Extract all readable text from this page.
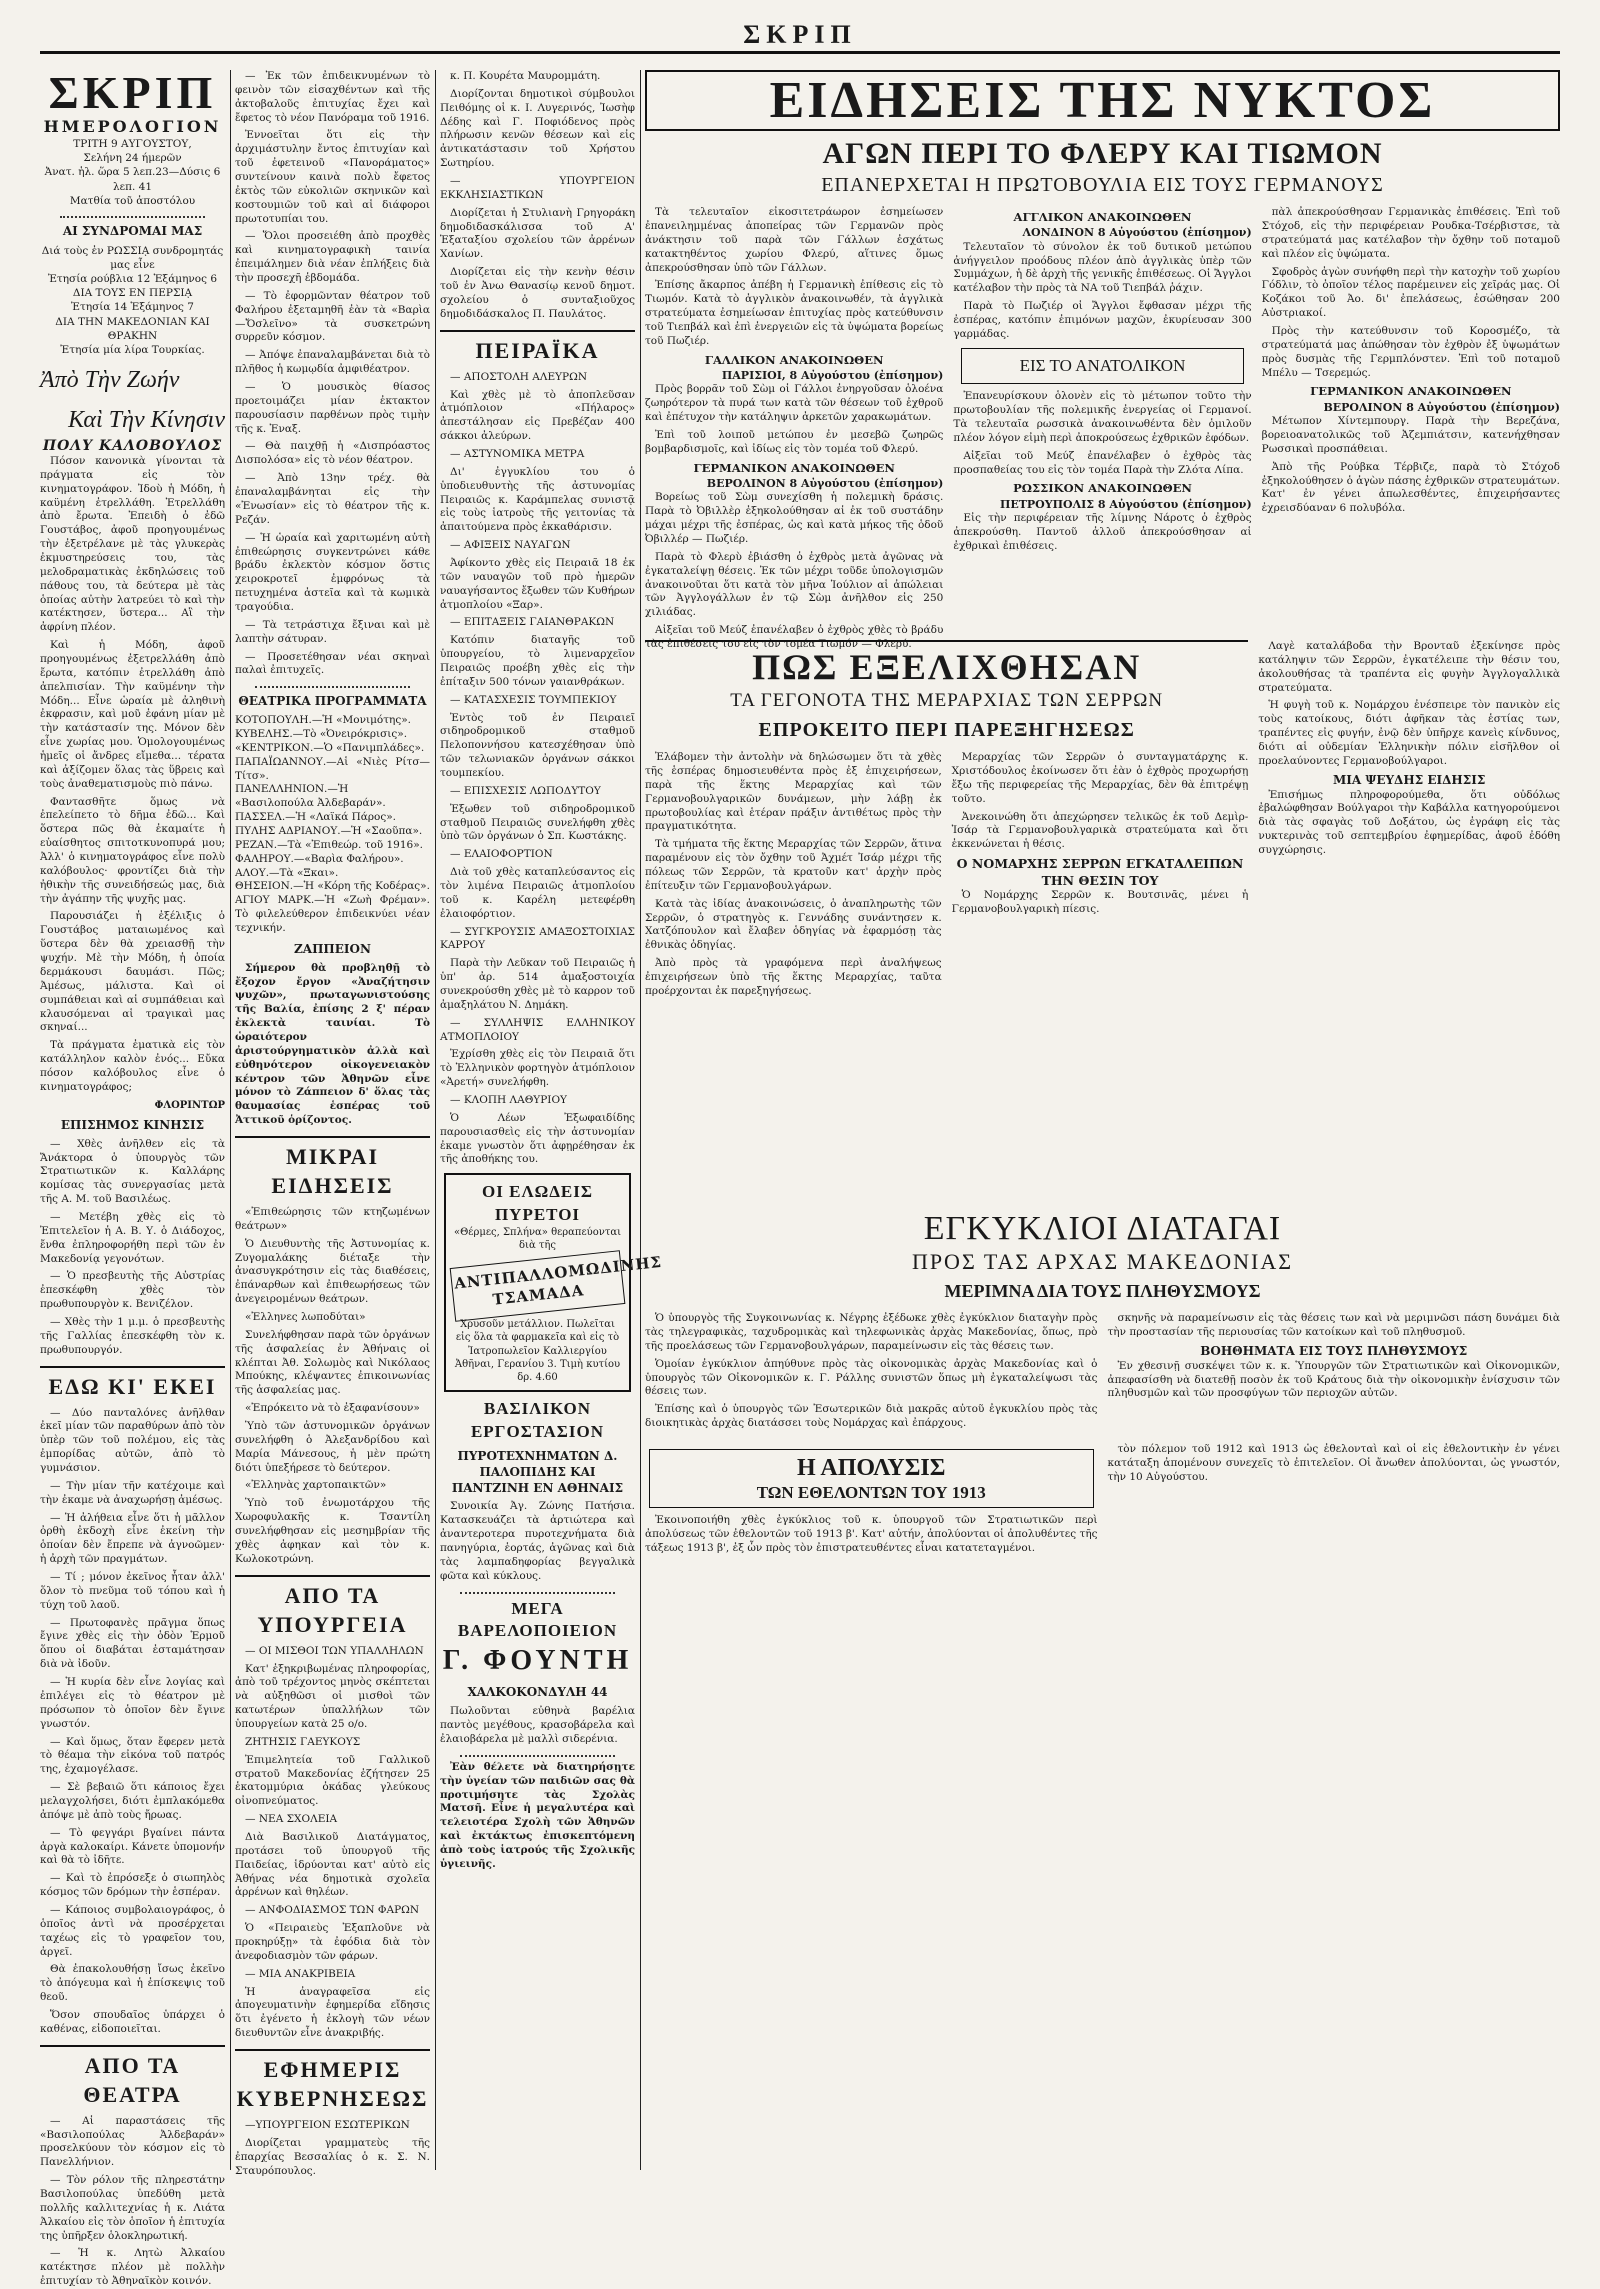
ΣΚΡΙΠ
ΣΚΡΙΠ
ΗΜΕΡΟΛΟΓΙΟΝ
ΤΡΙΤΗ 9 ΑΥΓΟΥΣΤΟΥ,
Σελήνη 24 ήμερῶν
Ἀνατ. ἡλ. ὥρα 5 λεπ.23—Δύσις 6 λεπ. 41
Ματθία τοῦ ἀποστόλου
ΑΙ ΣΥΝΔΡΟΜΑΙ ΜΑΣ
Διά τοὺς ἐν ΡΩΣΣΙᾼ συνδρομητάς μας εἶνε
Ἐτησία ρούβλια 12 Ἑξάμηνος 6
ΔΙΑ ΤΟΥΣ ΕΝ ΠΕΡΣΙᾼ
Ἐτησία 14 Ἑξάμηνος 7
ΔΙΑ ΤΗΝ ΜΑΚΕΔΟΝΙΑΝ ΚΑΙ ΘΡΑΚΗΝ
Ἐτησία μία λίρα Τουρκίας.
Ἀπὸ Τὴν Ζωήν
Καὶ Τὴν Κίνησιν
ΠΟΛΥ ΚΑΛΟΒΟΥΛΟΣ

Πόσον κανονικὰ γίνονται τὰ πράγματα εἰς τὸν κινηματογράφον. Ἰδοὺ ἡ Μόδη, ἡ καϋμένη ἐτρελλάθη. Ἐτρελλάθη ἀπὸ ἔρωτα. Ἐπειδὴ ὁ ἐδῶ Γουστάβος, ἀφοῦ προηγουμένως τὴν ἐξετρέλανε μὲ τὰς γλυκερὰς ἐκμυστηρεύσεις του, τὰς μελοδραματικὰς ἐκδηλώσεις τοῦ πάθους του, τὰ δεύτερα μὲ τὰς ὁποίας αὐτὴν λατρεύει τὸ καὶ τὴν κατέκτησεν, ὕστερα... Αἲ τὴν ἀφρίνη πλέον.

Καὶ ἡ Μόδη, ἀφοῦ προηγουμένως ἐξετρελλάθη ἀπὸ ἔρωτα, κατόπιν ἐτρελλάθη ἀπὸ ἀπελπισίαν. Τὴν καϋμένην τὴν Μόδη... Εἶνε ὡραία μὲ ἀληθινὴ ἐκφρασιν, καὶ μοῦ ἐφάνη μίαν μὲ τὴν κατάστασίν της. Μόνον δὲν εἶνε χωρίας μου. Ὁμολογουμένως ἡμεῖς οἱ ἄνδρες εἴμεθα... τέρατα καὶ ἀξίζομεν ὅλας τὰς ὕβρεις καὶ τοὺς ἀναθεματισμοὺς πιὸ πάνω.

Φαντασθῆτε ὅμως νὰ ἐπελείπετο τὸ δῆμα ἐδῶ... Καὶ ὅστερα πῶς θὰ ἐκαμαίτε ἡ εὐαίσθητος σπιτοτκυνοπυρά μου; Ἀλλ' ὁ κινηματογράφος εἶνε πολὺ καλόβουλος· φροντίζει διὰ τὴν ἠθικὴν τῆς συνειδήσεώς μας, διὰ τὴν ἀγάπην τῆς ψυχῆς μας.

Παρουσιάζει ἡ ἐξέλιξις ὁ Γουστάβος ματαιωμένος καὶ ὕστερα δὲν θὰ χρειασθῇ τὴν ψυχήν. Μὲ τὴν Μόδη, ἡ ὁποία δερμάκουσι δαυμάσι. Πῶς; Ἀμέσως, μάλιστα. Καὶ οἱ συμπάθειαι καὶ αἱ συμπάθειαι καὶ κλαυσόμεναι αἱ τραγικαὶ μας σκηναί...

Τὰ πράγματα ἐματικὰ εἰς τὸν κατάλληλον καλὸν ἐνός... Εὔκα πόσον καλόβουλος εἶνε ὁ κινηματογράφος;

ΦΛΟΡΙΝΤΩΡ
ΕΠΙΣΗΜΟΣ ΚΙΝΗΣΙΣ

— Χθὲς ἀνῆλθεν εἰς τὰ Ἄνάκτορα ὁ ὑπουργὸς τῶν Στρατιωτικῶν κ. Καλλάρης κομίσας τὰς συνεργασίας μετὰ τῆς Α. Μ. τοῦ Βασιλέως.

— Μετέβη χθὲς εἰς τὸ Ἐπιτελεῖον ἡ Α. Β. Υ. ὁ Διάδοχος, ἔνθα ἐπληροφορήθη περὶ τῶν ἐν Μακεδονίᾳ γεγονότων.

— Ὁ πρεσβευτὴς τῆς Αὐστρίας ἐπεσκέφθη χθὲς τὸν πρωθυπουργὸν κ. Βενιζέλον.

— Χθὲς τὴν 1 μ.μ. ὁ πρεσβευτὴς τῆς Γαλλίας ἐπεσκέφθη τὸν κ. πρωθυπουργόν.

ΕΔΩ ΚΙ' ΕΚΕΙ

— Δύο πανταλόνες ἀνῆλθαν ἐκεῖ μίαν τῶν παραθύρων ἀπὸ τὸν ὑπὲρ τῶν τοῦ πολέμου, εἰς τὰς ἐμπορίδας αὐτῶν, ἀπὸ τὸ γυμνάσιον.

— Τὴν μίαν τῆν κατέχοιμε καὶ τὴν ἐκαμε νὰ ἀναχωρήσῃ ἀμέσως.

— Ἡ ἀλήθεια εἶνε ὅτι ἡ μᾶλλον ὀρθὴ ἐκδοχὴ εἶνε ἐκείνη τὴν ὁποίαν δὲν ἔπρεπε νὰ ἀγνοῶμεν· ἡ ἀρχὴ τῶν πραγμάτων.

— Τί ; μόνον ἐκεῖνος ἦταν ἀλλ' ὅλον τὸ πνεῦμα τοῦ τόπου καὶ ἡ τύχη τοῦ λαοῦ.

— Πρωτοφανὲς πρᾶγμα ὅπως ἔγινε χθὲς εἰς τὴν ὁδὸν Ἑρμοῦ ὅπου οἱ διαβάται ἐσταμάτησαν διὰ νὰ ἰδοῦν.

— Ἡ κυρία δὲν εἶνε λογίας καὶ ἐπιλέγει εἰς τὸ θέατρον μὲ πρόσωπον τὸ ὁποῖον δὲν ἔγινε γνωστόν.

— Καὶ ὅμως, ὅταν ἔφερεν μετὰ τὸ θέαμα τὴν εἰκόνα τοῦ πατρός της, ἐχαμογέλασε.

— Σὲ βεβαιῶ ὅτι κάποιος ἔχει μελαγχολήσει, διότι ἐμπλακόμεθα ἀπόψε μὲ ἀπὸ τοὺς ἤρωας.

— Τὸ φεγγάρι βγαίνει πάντα ἀργὰ καλοκαίρι. Κάνετε ὑπομονήν καὶ θὰ τὸ ἰδῆτε.

— Καὶ τὸ ἐπρόσεξε ὁ σιωπηλὸς κόσμος τῶν δρόμων τὴν ἑσπέραν.

— Κάποιος συμβολαιογράφος, ὁ ὁποῖος ἀντὶ νὰ προσέρχεται ταχέως εἰς τὸ γραφεῖον του, ἀργεῖ.

Θὰ ἐπακολουθήσῃ ἴσως ἐκεῖνο τὸ ἀπόγευμα καὶ ἡ ἐπίσκεψις τοῦ θεοῦ.

Ὅσον σπουδαῖος ὑπάρχει ὁ καθένας, εἰδοποιεῖται.

ΑΠΟ ΤΑ ΘΕΑΤΡΑ

— Αἱ παραστάσεις τῆς «Βασιλοπούλας Ἀλδεβαράν» προσελκύουν τὸν κόσμον εἰς τὸ Πανελλήνιον.

— Τὸν ρόλον τῆς πληρεστάτην Βασιλοπούλας ὑπεδύθη μετὰ πολλῆς καλλιτεχνίας ἡ κ. Λιάτα Ἀλκαίου εἰς τὸν ὁποῖον ἡ ἐπιτυχία της ὑπῆρξεν ὁλοκληρωτική.

— Ἡ κ. Λητὼ Ἀλκαίου κατέκτησε πλέον μὲ πολλὴν ἐπιτυχίαν τὸ Ἀθηναϊκὸν κοινόν.

— Ἐκ τῶν ἐπιδεικνυμένων τὸ φεινὸν τῶν εἰσαχθέντων καὶ τῆς ἀκτοβαλοῦς ἐπιτυχίας ἔχει καὶ ἔφετος τὸ νέον Πανόραμα τοῦ 1916.

Ἐννοεῖται ὅτι εἰς τὴν ἀρχιμάστυλην ἔντος ἐπιτυχίαν καὶ τοῦ ἐφετεινοῦ «Πανοράματος» συντείνουν καινὰ πολὺ ἔφετος ἐκτὸς τῶν εὐκολιῶν σκηνικῶν καὶ κοστουμιῶν τοῦ καὶ αἱ διάφοροι πρωτοτυπίαι του.

— Ὅλοι προσειέθη ἀπὸ προχθὲς καὶ κινηματογραφικὴ ταινία ἐπειμάλημεν διὰ νέαν ἐπλήξεις διὰ τὴν προσεχῆ ἑβδομάδα.

— Τὸ ἐφορμῶνταν θέατρον τοῦ Φαλήρου ἐξεταμηθῆ ἐὰν τὰ «Βαρὶα—Ὄσλεῖνο» τὰ συσκετρώνη συρρεῦν κόσμον.

— Ἀπόψε ἐπαναλαμβάνεται διὰ τὸ πλῆθος ἡ κωμῳδία ἀμφιθέατρον.

— Ὁ μουσικὸς θίασος προετοιμάζει μίαν ἐκτακτον παρουσίασιν παρθένων πρὸς τιμὴν τῆς κ. Ἐναξ.

— Θὰ παιχθῇ ἡ «Δισπρόαστος Δισπολόσα» εἰς τὸ νέον θέατρον.

— Ἀπὸ 13ην τρέχ. θὰ ἐπαναλαμβάνηται εἰς τὴν «Ἐνωσίαν» εἰς τὸ θέατρον τῆς κ. Ρεζάν.

— Ἡ ὡραία καὶ χαριτωμένη αὐτὴ ἐπιθεώρησις συγκεντρώνει κάθε βράδυ ἐκλεκτὸν κόσμον ὅστις χειροκροτεῖ ἐμφρόνως τὰ πετυχημένα ἀστεῖα καὶ τὰ κωμικὰ τραγούδια.

— Τὰ τετράστιχα ἔξιναι καὶ μὲ λαπτὴν σάτυραν.

— Προσετέθησαν νέαι σκηναὶ παλαὶ ἐπιτυχεῖς.

ΘΕΑΤΡΙΚΑ ΠΡΟΓΡΑΜΜΑΤΑ
ΚΟΤΟΠΟΥΛΗ.—Ἡ «Μονιμότης».
ΚΥΒΕΛΗΣ.—Τὸ «Ὀνειρόκρισις».
«ΚΕΝΤΡΙΚΟΝ.—Ὁ «Πανιμπλάδες».
ΠΑΠΑΪΩΑΝΝΟΥ.—Αἱ «Νιὲς Ρίτσ—Τίτσ».
ΠΑΝΕΛΛΗΝΙΟΝ.—Ἡ «Βασιλοπούλα Ἀλδεβαράν».
ΠΑΣΣΕΛ.—Ἡ «Λαϊκά Πάρος».
ΠΥΛΗΣ ΑΔΡΙΑΝΟΥ.—Ἡ «Σαοῦπα».
ΡΕΖΑΝ.—Τὰ «Ἐπιθεώρ. τοῦ 1916».
ΦΑΛΗΡΟΥ.—«Βαρὶα Φαλήρου».
ΑΛΟΥ.—Τὰ «Ξκαι».
ΘΗΣΕΙΟΝ.—Ἡ «Κόρη τῆς Κοδέρας».
ΑΓΙΟΥ ΜΑΡΚ.—Ἡ «Ζωὴ Φρέμαν». Τὸ φιλελεύθερον ἐπιδεικνύει νέαν τεχνικήν.
ΖΑΠΠΕΙΟΝ

Σήμερον θὰ προβληθῇ τὸ ἔξοχον ἔργον «Ἀναζήτησιν ψυχῶν», πρωταγωνιστούσης τῆς Βαλία, ἐπίσης 2 ξ' πέραν ἐκλεκτὰ ταινίαι. Τὸ ὡραιότερον ἀριστούργηματικὸν ἀλλὰ καὶ εὐθηνότερον οἰκογενειακὸν κέντρον τῶν Ἀθηνῶν εἶνε μόνον τὸ Ζάππειον δ' ὅλας τὰς θαυμασίας ἑσπέρας τοῦ Ἀττικοῦ ὁρίζοντος.

ΜΙΚΡΑΙ ΕΙΔΗΣΕΙΣ

«Ἐπιθεώρησις τῶν κτηζωμένων θεάτρων»

Ὁ Διευθυντὴς τῆς Ἀστυνομίας κ. Ζυγομαλάκης διέταξε τὴν ἀνασυγκρότησιν εἰς τὰς διαθέσεις, ἐπάναρθων καὶ ἐπιθεωρήσεως τῶν ἀνεγειρομένων θεάτρων.

«Ἐλληνες λωποδύται»

Συνελήφθησαν παρὰ τῶν ὀργάνων τῆς ἀσφαλείας ἐν Ἀθήναις οἱ κλέπται Ἀθ. Σολωμὸς καὶ Νικόλαος Μπούκης, κλέψαντες ἐπικοινωνίας τῆς ἀσφαλείας μας.

«Ἐπρόκειτο νὰ τὸ ἐξαφανίσουν»

Ὑπὸ τῶν ἀστυνομικῶν ὀργάνων συνελήφθη ὁ Ἀλεξανδρίδου καὶ Μαρία Μάνεσους, ἡ μὲν πρώτη διότι ὑπεξήρεσε τὸ δεύτερον.

«Ἐλληνὰς χαρτοπαικτῶν»

Ὑπὸ τοῦ ἐνωμοτάρχου τῆς Χωροφυλακῆς κ. Τσαντίλη συνελήφθησαν εἰς μεσημβρίαν τῆς χθὲς ἀφηκαν καὶ τὸν κ. Κωλοκοτρώνη.

ΑΠΟ ΤΑ ΥΠΟΥΡΓΕΙΑ

— ΟΙ ΜΙΣΘΟΙ ΤΩΝ ΥΠΑΛΛΗΛΩΝ

Κατ' ἐξηκριβωμένας πληροφορίας, ἀπὸ τοῦ τρέχοντος μηνὸς σκέπτεται νὰ αὐξηθῶσι οἱ μισθοὶ τῶν κατωτέρων ὑπαλλήλων τῶν ὑπουργείων κατὰ 25 ο/ο.

ΖΗΤΗΣΙΣ ΓΑΕΥΚΟΥΣ

Ἐπιμελητεία τοῦ Γαλλικοῦ στρατοῦ Μακεδονίας ἐζήτησεν 25 ἑκατομμύρια ὀκάδας γλεύκους οἰνοπνεύματος.

— ΝΕΑ ΣΧΟΛΕΙΑ

Διὰ Βασιλικοῦ Διατάγματος, προτάσει τοῦ ὑπουργοῦ τῆς Παιδείας, ἱδρύονται κατ' αὐτὸ εἰς Ἀθήνας νέα δημοτικὰ σχολεῖα ἀρρένων καὶ θηλέων.

— ΑΝΦΟΔΙΑΣΜΟΣ ΤΩΝ ΦΑΡΩΝ

Ὁ «Πειραιεὺς Ἐξαπλοῦνε νὰ προκηρύξῃ» τὰ ἐφόδια διὰ τὸν ἀνεφοδιασμὸν τῶν φάρων.

— ΜΙΑ ΑΝΑΚΡΙΒΕΙΑ

Ἡ ἀναγραφεῖσα εἰς ἀπογευματινὴν ἐφημερίδα εἴδησις ὅτι ἐγένετο ἡ ἐκλογὴ τῶν νέων διευθυντῶν εἶνε ἀνακριβής.

ΕΦΗΜΕΡΙΣ ΚΥΒΕΡΝΗΣΕΩΣ

—ΥΠΟΥΡΓΕΙΟΝ ΕΣΩΤΕΡΙΚΩΝ

Διορίζεται γραμματεὺς τῆς ἐπαρχίας Βεσσαλίας ὁ κ. Σ. Ν. Σταυρόπουλος.

κ. Π. Κουρέτα Μαυρομμάτη.

Διορίζονται δημοτικοὶ σύμβουλοι Πειθόμης οἱ κ. Ι. Λυγερινός, Ἰωσὴφ Δέδης καὶ Γ. Ποφιόδενος πρὸς πλήρωσιν κενῶν θέσεων καὶ εἰς ἀντικατάστασιν τοῦ Χρήστου Σωτηρίου.

— ΥΠΟΥΡΓΕΙΟΝ ΕΚΚΛΗΣΙΑΣΤΙΚΩΝ

Διορίζεται ἡ Στυλιανὴ Γρηγοράκη δημοδιδασκάλισσα τοῦ Α' Ἑξαταξίου σχολείου τῶν ἀρρένων Χανίων.

Διορίζεται εἰς τὴν κενὴν θέσιν τοῦ ἐν Ἀνω Θανασίῳ κενοῦ δημοτ. σχολείου ὁ συνταξιοῦχος δημοδιδάσκαλος Π. Παυλάτος.

ΠΕΙΡΑΪΚΑ

— ΑΠΟΣΤΟΛΗ ΑΛΕΥΡΩΝ

Καὶ χθὲς μὲ τὸ ἀποπλεῦσαν ἀτμόπλοιον «Πήλαρος» ἀπεστάλησαν εἰς Πρεβέζαν 400 σάκκοι ἀλεύρων.

— ΑΣΤΥΝΟΜΙΚΑ ΜΕΤΡΑ

Δι' ἐγγυκλίου του ὁ ὑποδιευθυντὴς τῆς ἀστυνομίας Πειραιῶς κ. Καράμπελας συνιστᾷ εἰς τοὺς ἱατροὺς τῆς γειτονίας τὰ ἀπαιτούμενα πρὸς ἐκκαθάρισιν.

— ΑΦΙΞΕΙΣ ΝΑΥΑΓΩΝ

Ἀφίκοντο χθὲς εἰς Πειραιᾶ 18 ἐκ τῶν ναυαγῶν τοῦ πρὸ ἡμερῶν ναυαγήσαντος ἔξωθεν τῶν Κυθήρων ἀτμοπλοίου «Ξαρ».

— ΕΠΙΤΑΞΕΙΣ ΓΑΙΑΝΘΡΑΚΩΝ

Κατόπιν διαταγῆς τοῦ ὑπουργείου, τὸ λιμεναρχεῖον Πειραιῶς προέβη χθὲς εἰς τὴν ἐπίταξιν 500 τόνων γαιανθράκων.

— ΚΑΤΑΣΧΕΣΙΣ ΤΟΥΜΠΕΚΙΟΥ

Ἐντὸς τοῦ ἐν Πειραιεῖ σιδηροδρομικοῦ σταθμοῦ Πελοποννήσου κατεσχέθησαν ὑπὸ τῶν τελωνιακῶν ὀργάνων σάκκοι τουμπεκίου.

— ΕΠΙΣΧΕΣΙΣ ΛΩΠΟΔΥΤΟΥ

Ἐξωθεν τοῦ σιδηροδρομικοῦ σταθμοῦ Πειραιῶς συνελήφθη χθὲς ὑπὸ τῶν ὀργάνων ὁ Σπ. Κωστάκης.

— ΕΛΑΙΟΦΟΡΤΙΟΝ

Διὰ τοῦ χθὲς καταπλεύσαντος εἰς τὸν λιμένα Πειραιῶς ἀτμοπλοίου τοῦ κ. Καρέλη μετεφέρθη ἐλαιοφόρτιον.

— ΣΥΓΚΡΟΥΣΙΣ ΑΜΑΞΟΣΤΟΙΧΙΑΣ ΚΑΡΡΟΥ

Παρὰ τὴν Λεῦκαν τοῦ Πειραιῶς ἡ ὑπ' ἀρ. 514 ἁμαξοστοιχία συνεκρούσθη χθὲς μὲ τὸ καρρον τοῦ ἀμαξηλάτου Ν. Δημάκη.

— ΣΥΛΛΗΨΙΣ ΕΛΛΗΝΙΚΟΥ ΑΤΜΟΠΛΟΙΟΥ

Ἐχρίσθη χθὲς εἰς τὸν Πειραιᾶ ὅτι τὸ Ἑλληνικὸν φορτηγὸν ἀτμόπλοιον «Ἀρετή» συνελήφθη.

— ΚΛΟΠΗ ΛΑΘΥΡΙΟΥ

Ὁ Λέων Ἐξωφαιδίδης παρουσιασθεὶς εἰς τὴν ἀστυνομίαν ἐκαμε γνωστὸν ὅτι ἀφῃρέθησαν ἐκ τῆς ἀποθήκης του.

ΟΙ ΕΛΩΔΕΙΣ ΠΥΡΕΤΟΙ
«Θέρμες, Σπλήνα» θεραπεύονται διὰ τῆς
ΑΝΤΙΠΑΛΛΟΜΩΔΙΝΗΣ ΤΣΑΜΑΔΑ
Χρυσοῦν μετάλλιον. Πωλεῖται εἰς ὅλα τὰ φαρμακεῖα καὶ εἰς τὸ Ἰατροπωλεῖον Καλλιεργίου Ἀθῆναι, Γερανίου 3. Τιμὴ κυτίου δρ. 4.60
ΒΑΣΙΛΙΚΟΝ ΕΡΓΟΣΤΑΣΙΟΝ
ΠΥΡΟΤΕΧΝΗΜΑΤΩΝ Δ. ΠΑΛΟΠΙΔΗΣ ΚΑΙ ΠΑΝΤΖΙΝΗ ΕΝ ΑΘΗΝΑΙΣ

Συνοικία Ἀγ. Ζώνης Πατήσια. Κατασκευάζει τὰ ἀρτιώτερα καὶ ἀναντεροτερα πυροτεχνήματα διὰ πανηγύρια, ἑορτάς, ἀγῶνας καὶ διὰ τὰς λαμπαδηφορίας βεγγαλικὰ φῶτα καὶ κύκλους.

ΜΕΓΑ ΒΑΡΕΛΟΠΟΙΕΙΟΝ
Γ. ΦΟΥΝΤΗ
ΧΑΛΚΟΚΟΝΔΥΛΗ 44

Πωλοῦνται εὐθηνὰ βαρέλια παντὸς μεγέθους, κρασοβάρελα καὶ ἐλαιοβάρελα μὲ μαλλὶ σιδερένια.

Ἐὰν θέλετε νὰ διατηρήσῃτε τὴν ὑγείαν τῶν παιδιῶν σας θὰ προτιμήσητε τὰς Σχολὰς Ματσῆ. Εἶνε ἡ μεγαλυτέρα καὶ τελειοτέρα Σχολὴ τῶν Ἀθηνῶν καὶ ἐκτάκτως ἐπισκεπτόμενη ἀπὸ τοὺς ἱατρούς τῆς Σχολικῆς ὑγιεινῆς.

ΕΙΔΗΣΕΙΣ ΤΗΣ ΝΥΚΤΟΣ
ΑΓΩΝ ΠΕΡΙ ΤΟ ΦΛΕΡΥ ΚΑΙ ΤΙΩΜΟΝ
ΕΠΑΝΕΡΧΕΤΑΙ Η ΠΡΩΤΟΒΟΥΛΙΑ ΕΙΣ ΤΟΥΣ ΓΕΡΜΑΝΟΥΣ

Τὰ τελευταῖον εἰκοσιτετράωρον ἐσημείωσεν ἐπανειλημμένας ἀποπείρας τῶν Γερμανῶν πρὸς ἀνάκτησιν τοῦ παρὰ τῶν Γάλλων ἐσχάτως κατακτηθέντος χωρίου Φλερύ, αἵτινες ὅμως ἀπεκρούσθησαν ὑπὸ τῶν Γάλλων.

Ἐπίσης ἄκαρπος ἀπέβη ἡ Γερμανικὴ ἐπίθεσις εἰς τὸ Τιωμόν. Κατὰ τὸ ἀγγλικὸν ἀνακοινωθέν, τὰ ἀγγλικὰ στρατεύματα ἐσημείωσαν ἐπιτυχίας πρὸς κατεύθυνσιν τοῦ Τιεπβάλ καὶ ἐπὶ ἐνεργειῶν εἰς τὰ ὑψώματα βορείως τοῦ Πωζιέρ.

ΓΑΛΛΙΚΟΝ ΑΝΑΚΟΙΝΩΘΕΝ
ΠΑΡΙΣΙΟΙ, 8 Αὐγούστου (ἐπίσημον)

Πρὸς βορρᾶν τοῦ Σὼμ οἱ Γάλλοι ἐνηργοῦσαν ὁλοένα ζωηρότερον τὰ πυρά των κατὰ τῶν θέσεων τοῦ ἐχθροῦ καὶ ἐπέτυχον τὴν κατάληψιν ἀρκετῶν χαρακωμάτων.

Ἐπὶ τοῦ λοιποῦ μετώπου ἐν μεσεβῶ ζωηρῶς βομβαρδισμοῖς, καὶ ἰδίως εἰς τὸν τομέα τοῦ Φλερύ.

ΓΕΡΜΑΝΙΚΟΝ ΑΝΑΚΟΙΝΩΘΕΝ
ΒΕΡΟΛΙΝΟΝ 8 Αὐγούστου (ἐπίσημον)

Βορείως τοῦ Σὼμ συνεχίσθη ἡ πολεμικὴ δράσις. Παρὰ τὸ Ὀβιλλὲρ ἐξηκολούθησαν αἱ ἐκ τοῦ συστάδην μάχαι μέχρι τῆς ἐσπέρας, ὡς καὶ κατὰ μήκος τῆς ὁδοῦ Ὀβιλλέρ — Πωζιέρ.

Παρὰ τὸ Φλερὺ ἐβιάσθη ὁ ἐχθρὸς μετὰ ἀγῶνας νὰ ἐγκαταλείψῃ θέσεις. Ἐκ τῶν μέχρι τοῦδε ὑπολογισμῶν ἀνακοινοῦται ὅτι κατὰ τὸν μῆνα Ἰούλιον αἱ ἀπώλειαι τῶν Ἀγγλογάλλων ἐν τῷ Σὼμ ἀνῆλθον εἰς 250 χιλιάδας.

Αἰξεῖαι τοῦ Μεύζ ἐπανέλαβεν ὁ ἐχθρὸς χθὲς τὸ βράδυ τὰς ἐπιθέσεις του εἰς τὸν τομέα Τιωμόν — Φλερύ.

ΑΓΓΛΙΚΟΝ ΑΝΑΚΟΙΝΩΘΕΝ
ΛΟΝΔΙΝΟΝ 8 Αὐγούστου (ἐπίσημον)

Τελευταῖον τὸ σύνολον ἐκ τοῦ δυτικοῦ μετώπου ἀνήγγειλον προόδους πλέον ἀπὸ ἀγγλικὰς ὑπὲρ τῶν Συμμάχων, ἡ δὲ ἀρχὴ τῆς γενικῆς ἐπιθέσεως. Οἱ Ἄγγλοι κατέλαβον τὴν πρὸς τὰ ΝΑ τοῦ Τιεπβάλ ῥάχιν.

Παρὰ τὸ Πωζιέρ οἱ Ἄγγλοι ἔφθασαν μέχρι τῆς ἐσπέρας, κατόπιν ἐπιμόνων μαχῶν, ἐκυρίευσαν 300 γαρμάδας.

ΕΙΣ ΤΟ ΑΝΑΤΟΛΙΚΟΝ

Ἐπανευρίσκουν ὁλονὲν εἰς τὸ μέτωπον τοῦτο τὴν πρωτοβουλίαν τῆς πολεμικῆς ἐνεργείας οἱ Γερμανοί. Τὰ τελευταῖα ρωσσικὰ ἀνακοινωθέντα δὲν ὁμιλοῦν πλέον λόγον εἰμὴ περὶ ἀποκρούσεως ἐχθρικῶν ἐφόδων.

Αἰξεῖαι τοῦ Μεύζ ἐπανέλαβεν ὁ ἐχθρὸς τὰς προσπαθείας του εἰς τὸν τομέα Παρὰ τὴν Ζλότα Λίπα.

ΡΩΣΣΙΚΟΝ ΑΝΑΚΟΙΝΩΘΕΝ
ΠΕΤΡΟΥΠΟΛΙΣ 8 Αὐγούστου (ἐπίσημον)

Εἰς τὴν περιφέρειαν τῆς λίμνης Νάροτς ὁ ἐχθρὸς ἀπεκρούσθη. Παντοῦ ἀλλοῦ ἀπεκρούσθησαν αἱ ἐχθρικαὶ ἐπιθέσεις.

πὰλ ἀπεκρούσθησαν Γερμανικὰς ἐπιθέσεις. Ἐπὶ τοῦ Στόχοδ, εἰς τὴν περιφέρειαν Ρουδκα-Τσέρβιστσε, τὰ στρατεύματά μας κατέλαβον τὴν ὄχθην τοῦ ποταμοῦ καὶ πλέον εἰς ὑψώματα.

Σφοδρὸς ἀγὼν συνήφθη περὶ τὴν κατοχὴν τοῦ χωρίου Γόδλιν, τὸ ὁποῖον τέλος παρέμεινεν εἰς χεῖράς μας. Οἱ Κοζάκοι τοῦ Ἀο. δι' ἐπελάσεως, ἐσώθησαν 200 Αὐστριακοί.

Πρὸς τὴν κατεύθυνσιν τοῦ Κοροσμέζο, τὰ στρατεύματά μας ἀπώθησαν τὸν ἐχθρὸν ἐξ ὑψωμάτων πρὸς δυσμὰς τῆς Γερμπλόνστεν. Ἐπὶ τοῦ ποταμοῦ Μπέλυ — Τσερεμώς.

ΓΕΡΜΑΝΙΚΟΝ ΑΝΑΚΟΙΝΩΘΕΝ
ΒΕΡΟΛΙΝΟΝ 8 Αὐγούστου (ἐπίσημον)

Μέτωπον Χίντεμπουργ. Παρὰ τὴν Βερεζάνα, βορειοανατολικῶς τοῦ Ἀζεμπιάτσιν, κατενήχθησαν Ρωσσικαὶ προσπάθειαι.

Ἀπὸ τῆς Ρούβκα Τέρβιζε, παρὰ τὸ Στόχοδ ἐξηκολούθησεν ὁ ἀγὼν πάσης ἐχθρικῶν στρατευμάτων. Κατ' ἐν γένει ἀπωλεσθέντες, ἐπιχειρήσαντες ἐχρεισδύαναν 6 πολυβόλα.

ΠΩΣ ΕΞΕΛΙΧΘΗΣΑΝ
ΤΑ ΓΕΓΟΝΟΤΑ ΤΗΣ ΜΕΡΑΡΧΙΑΣ ΤΩΝ ΣΕΡΡΩΝ
ΕΠΡΟΚΕΙΤΟ ΠΕΡΙ ΠΑΡΕΞΗΓΗΣΕΩΣ

Ἐλάβομεν τὴν ἀντολὴν νὰ δηλώσωμεν ὅτι τὰ χθὲς τῆς ἑσπέρας δημοσιευθέντα πρὸς ἐξ ἐπιχειρήσεων, παρὰ τῆς ἕκτης Μεραρχίας καὶ τῶν Γερμανοβουλγαρικῶν δυνάμεων, μὴν λάβῃ ἐκ πρωτοβουλίας καὶ ἑτέραν πράξιν ἀντιθέτως πρὸς τὴν πραγματικότητα.

Τὰ τμήματα τῆς ἕκτης Μεραρχίας τῶν Σερρῶν, ἅτινα παραμένουν εἰς τὸν ὄχθην τοῦ Ἀχμέτ Ἰσάρ μέχρι τῆς πόλεως τῶν Σερρῶν, τὰ κρατοῦν κατ' ἀρχὴν πρὸς ἐπίτευξιν τῶν Γερμανοβουλγάρων.

Κατὰ τὰς ἰδίας ἀνακοινώσεις, ὁ ἀναπληρωτὴς τῶν Σερρῶν, ὁ στρατηγὸς κ. Γεννάδης συνάντησεν κ. Χατζόπουλον καὶ ἔλαβεν ὁδηγίας νὰ ἐφαρμόσῃ τὰς ἐθνικὰς ὁδηγίας.

Ἀπὸ πρὸς τὰ γραφόμενα περὶ ἀναλήψεως ἐπιχειρήσεων ὑπὸ τῆς ἕκτης Μεραρχίας, ταῦτα προέρχονται ἐκ παρεξηγήσεως.

Μεραρχίας τῶν Σερρῶν ὁ συνταγματάρχης κ. Χριστόδουλος ἐκοίνωσεν ὅτι ἐὰν ὁ ἐχθρὸς προχωρήσῃ ἔξω τῆς περιφερείας τῆς Μεραρχίας, δὲν θὰ ἐπιτρέψῃ τοῦτο.

Ἀνεκοινώθη ὅτι ἀπεχώρησεν τελικῶς ἐκ τοῦ Δεμὶρ-Ἰσάρ τὰ Γερμανοβουλγαρικὰ στρατεύματα καὶ ὅτι ἐκκενώνεται ἡ θέσις.

Ο ΝΟΜΑΡΧΗΣ ΣΕΡΡΩΝ ΕΓΚΑΤΑΛΕΙΠΩΝ ΤΗΝ ΘΕΣΙΝ ΤΟΥ

Ὁ Νομάρχης Σερρῶν κ. Βουτσινᾶς, μένει ἡ Γερμανοβουλγαρικὴ πίεσις.

Λαγὲ καταλάβοδα τὴν Βρονταῦ ἐξεκίνησε πρὸς κατάληψιν τῶν Σερρῶν, ἐγκατέλειπε τὴν θέσιν του, ἀκολουθήσας τὰ τραπέντα εἰς φυγὴν Ἀγγλογαλλικὰ στρατεύματα.

Ἡ φυγὴ τοῦ κ. Νομάρχου ἐνέσπειρε τὸν πανικὸν εἰς τοὺς κατοίκους, διότι ἀφῆκαν τὰς ἑστίας των, τραπέντες εἰς φυγήν, ἐνῷ δὲν ὑπῆρχε κανεὶς κίνδυνος, διότι αἱ οὐδεμίαν Ἑλληνικὴν πόλιν εἰσῆλθον οἱ προελαύνοντες Γερμανοβούλγαροι.

ΜΙΑ ΨΕΥΔΗΣ ΕΙΔΗΣΙΣ

Ἐπισήμως πληροφορούμεθα, ὅτι οὐδόλως ἐβαλώφθησαν Βούλγαροι τὴν Καβάλλα κατηγορούμενοι διὰ τὰς σφαγὰς τοῦ Δοξάτου, ὡς ἐγράφη εἰς τὰς νυκτερινὰς τοῦ σεπτεμβρίου ἐφημερίδας, ἀφοῦ ἐδόθη συγχώρησις.

ΕΓΚΥΚΛΙΟΙ ΔΙΑΤΑΓΑΙ
ΠΡΟΣ ΤΑΣ ΑΡΧΑΣ ΜΑΚΕΔΟΝΙΑΣ
ΜΕΡΙΜΝΑ ΔΙΑ ΤΟΥΣ ΠΛΗΘΥΣΜΟΥΣ

Ὁ ὑπουργὸς τῆς Συγκοινωνίας κ. Νέγρης ἐξέδωκε χθὲς ἐγκύκλιον διαταγὴν πρὸς τὰς τηλεγραφικὰς, ταχυδρομικὰς καὶ τηλεφωνικὰς ἀρχὰς Μακεδονίας, ὅπως, πρὸ τῆς προελάσεως τῶν Γερμανοβουλγάρων, παραμείνωσιν εἰς τὰς θέσεις των.

Ὁμοίαν ἐγκύκλιον ἀπηύθυνε πρὸς τὰς οἰκονομικὰς ἀρχὰς Μακεδονίας καὶ ὁ ὑπουργὸς τῶν Οἰκονομικῶν κ. Γ. Ράλλης συνιστῶν ὅπως μὴ ἐγκαταλείψωσι τὰς θέσεις των.

Ἐπίσης καὶ ὁ ὑπουργὸς τῶν Ἐσωτερικῶν διὰ μακρᾶς αὐτοῦ ἐγκυκλίου πρὸς τὰς διοικητικὰς ἀρχὰς διατάσσει τοὺς Νομάρχας καὶ ἐπάρχους.

σκηνῆς νὰ παραμείνωσιν εἰς τὰς θέσεις των καὶ νὰ μεριμνῶσι πάση δυνάμει διὰ τὴν προστασίαν τῆς περιουσίας τῶν κατοίκων καὶ τοῦ πληθυσμοῦ.

ΒΟΗΘΗΜΑΤΑ ΕΙΣ ΤΟΥΣ ΠΛΗΘΥΣΜΟΥΣ

Ἐν χθεσινῇ συσκέψει τῶν κ. κ. Ὑπουργῶν τῶν Στρατιωτικῶν καὶ Οἰκονομικῶν, ἀπεφασίσθη νὰ διατεθῇ ποσὸν ἐκ τοῦ Κράτους διὰ τὴν οἰκονομικὴν ἐνίσχυσιν τῶν πληθυσμῶν καὶ τῶν προσφύγων τῶν περιοχῶν αὐτῶν.

Η ΑΠΟΛΥΣΙΣ
ΤΩΝ ΕΘΕΛΟΝΤΩΝ ΤΟΥ 1913

Ἐκοινοποιήθη χθὲς ἐγκύκλιος τοῦ κ. ὑπουργοῦ τῶν Στρατιωτικῶν περὶ ἀπολύσεως τῶν ἐθελοντῶν τοῦ 1913 β'. Κατ' αὐτήν, ἀπολύονται οἱ ἀπολυθέντες τῆς τάξεως 1913 β', ἐξ ὧν πρὸς τὸν ἐπιστρατευθέντες εἶναι κατατεταγμένοι.

τὸν πόλεμον τοῦ 1912 καὶ 1913 ὡς ἐθελονταὶ καὶ οἱ εἰς ἐθελοντικὴν ἐν γένει κατάταξη ἀπομένουν συνεχεῖς τὸ ἐπιτελεῖον. Οἱ ἄνωθεν ἀπολύονται, ὡς γνωστόν, τὴν 10 Αὐγούστου.
